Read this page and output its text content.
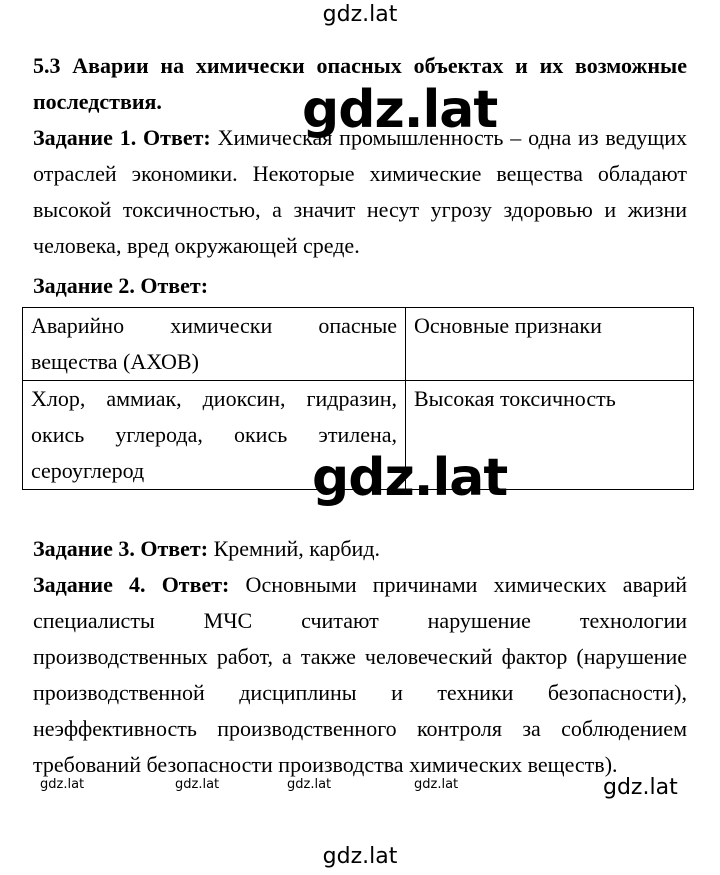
gdz.lat
5.3 Аварии на химически опасных объектах и их возможные последствия.
Задание 1. Ответ: Химическая промышленность – одна из ведущих отраслей экономики. Некоторые химические вещества обладают высокой токсичностью, а значит несут угрозу здоровью и жизни человека, вред окружающей среде.
Задание 2. Ответ:
Аварийно химически опасные вещества (АХОВ)	Основные признаки
Хлор, аммиак, диоксин, гидразин, окись углерода, окись этилена, сероуглерод	Высокая токсичность
Задание 3. Ответ: Кремний, карбид.
Задание 4. Ответ: Основными причинами химических аварий специалисты МЧС считают нарушение технологии производственных работ, а также человеческий фактор (нарушение производственной дисциплины и техники безопасности), неэффективность производственного контроля за соблюдением требований безопасности производства химических веществ).
gdz.lat
gdz.lat
gdz.lat	gdz.lat	gdz.lat	gdz.lat	gdz.lat
gdz.lat
